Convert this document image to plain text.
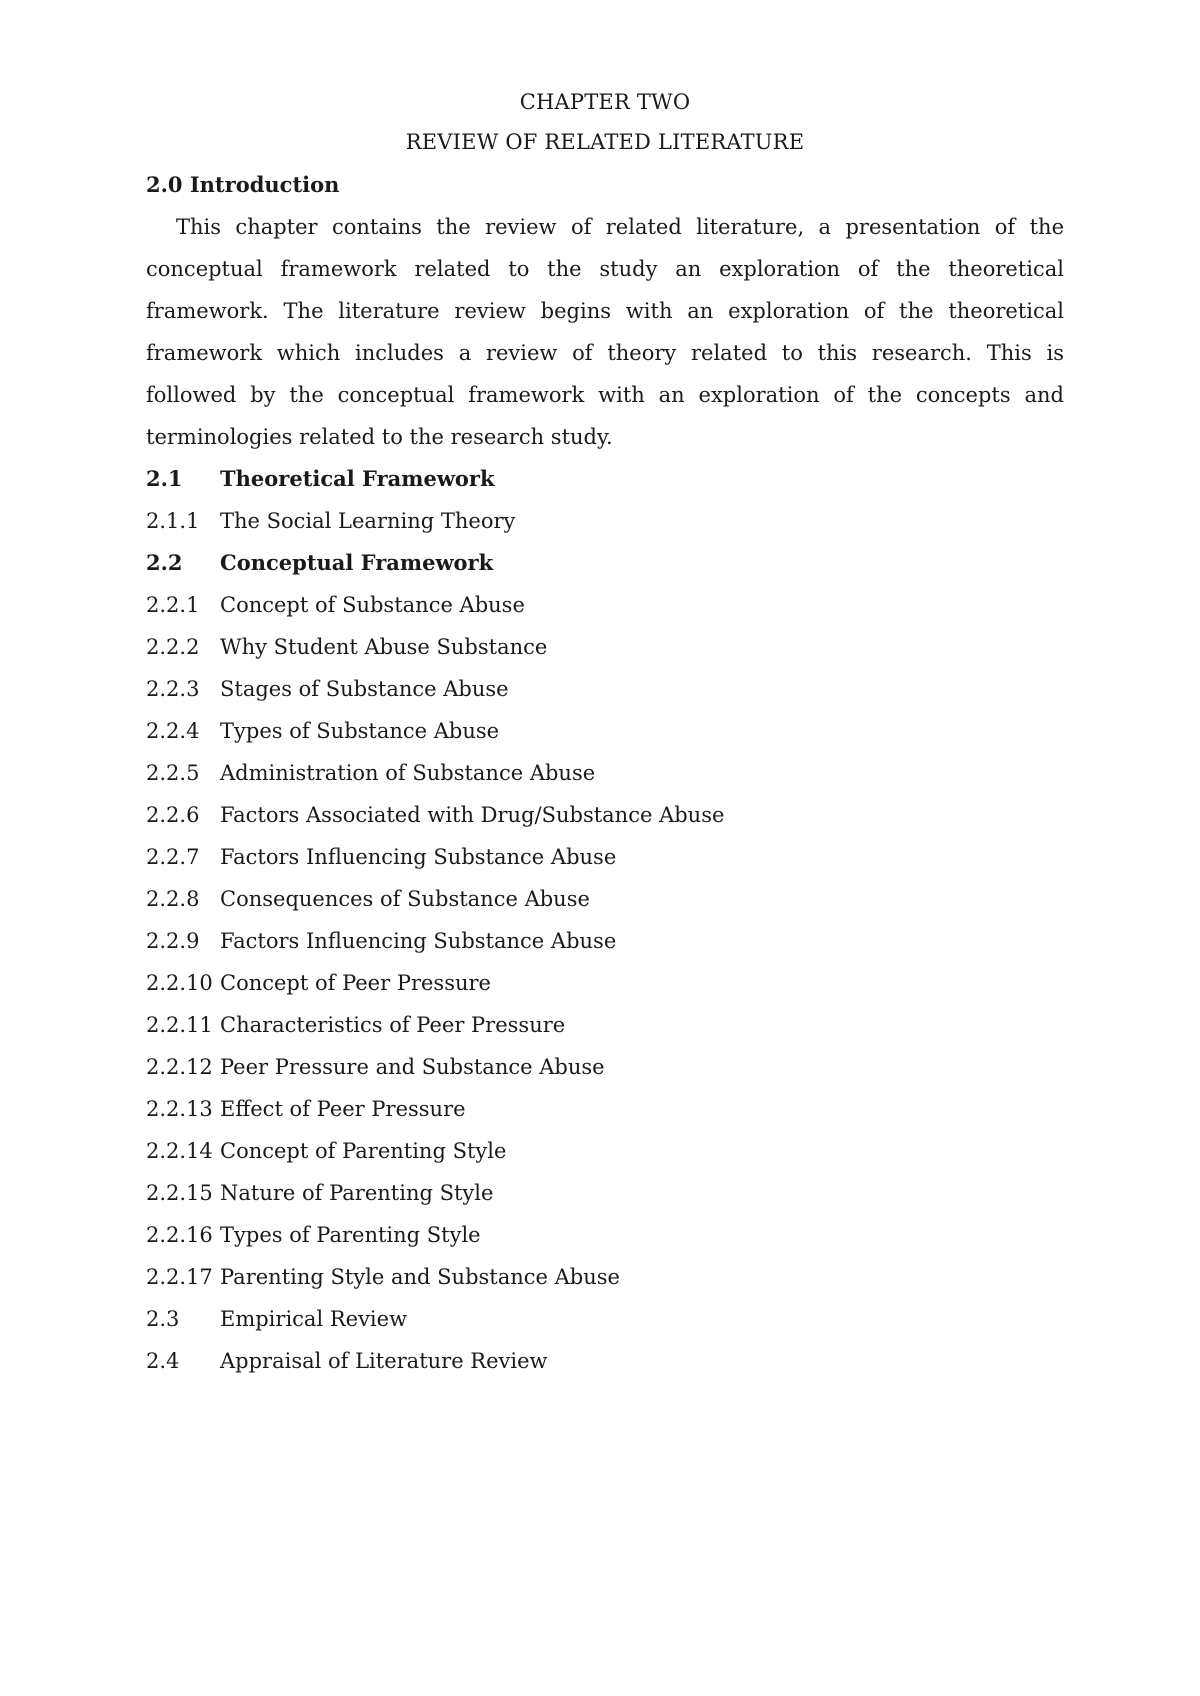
CHAPTER TWO
REVIEW OF RELATED LITERATURE
2.0 Introduction

This chapter contains the review of related literature, a presentation of the conceptual framework related to the study an exploration of the theoretical framework. The literature review begins with an exploration of the theoretical framework which includes a review of theory related to this research. This is followed by the conceptual framework with an exploration of the concepts and terminologies related to the research study.

2.1	Theoretical Framework
2.1.1 The Social Learning Theory
2.2	Conceptual Framework
2.2.1 Concept of Substance Abuse
2.2.2 Why Student Abuse Substance
2.2.3 Stages of Substance Abuse
2.2.4 Types of Substance Abuse
2.2.5 Administration of Substance Abuse
2.2.6 Factors Associated with Drug/Substance Abuse
2.2.7 Factors Influencing Substance Abuse
2.2.8 Consequences of Substance Abuse
2.2.9 Factors Influencing Substance Abuse
2.2.10 Concept of Peer Pressure
2.2.11 Characteristics of Peer Pressure
2.2.12 Peer Pressure and Substance Abuse
2.2.13 Effect of Peer Pressure
2.2.14 Concept of Parenting Style
2.2.15 Nature of Parenting Style
2.2.16 Types of Parenting Style
2.2.17 Parenting Style and Substance Abuse
2.3	Empirical Review
2.4	Appraisal of Literature Review
